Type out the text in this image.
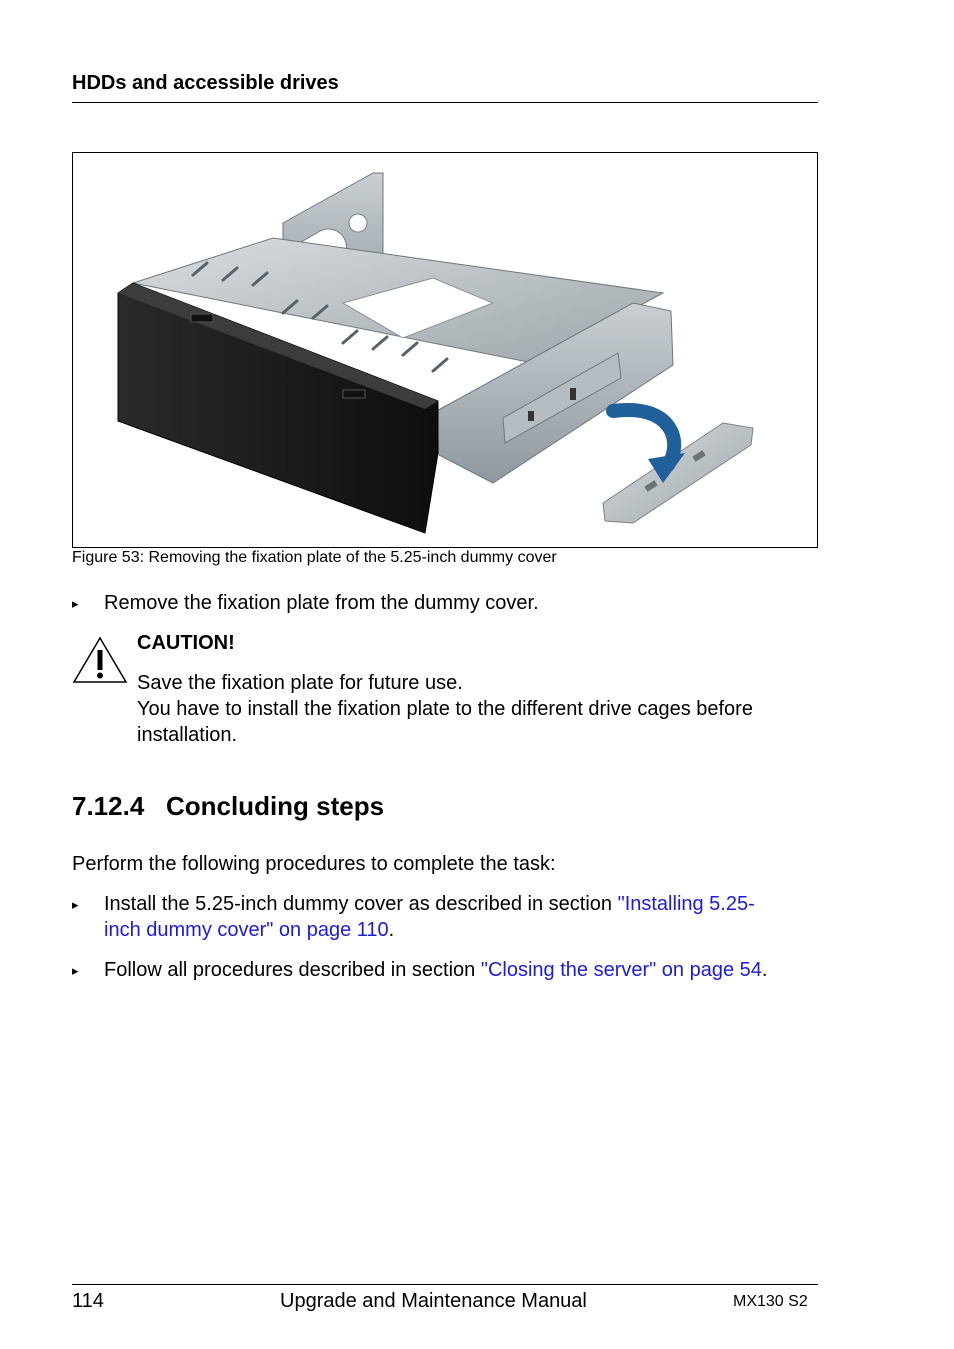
HDDs and accessible drives
Figure 53: Removing the fixation plate of the 5.25-inch dummy cover
▸ Remove the fixation plate from the dummy cover.
CAUTION!
Save the fixation plate for future use.
You have to install the fixation plate to the different drive cages before
installation.
7.12.4   Concluding steps
Perform the following procedures to complete the task:
▸ Install the 5.25-inch dummy cover as described in section "Installing 5.25-
inch dummy cover" on page 110.
▸ Follow all procedures described in section "Closing the server" on page 54.
114	Upgrade and Maintenance Manual	MX130 S2
